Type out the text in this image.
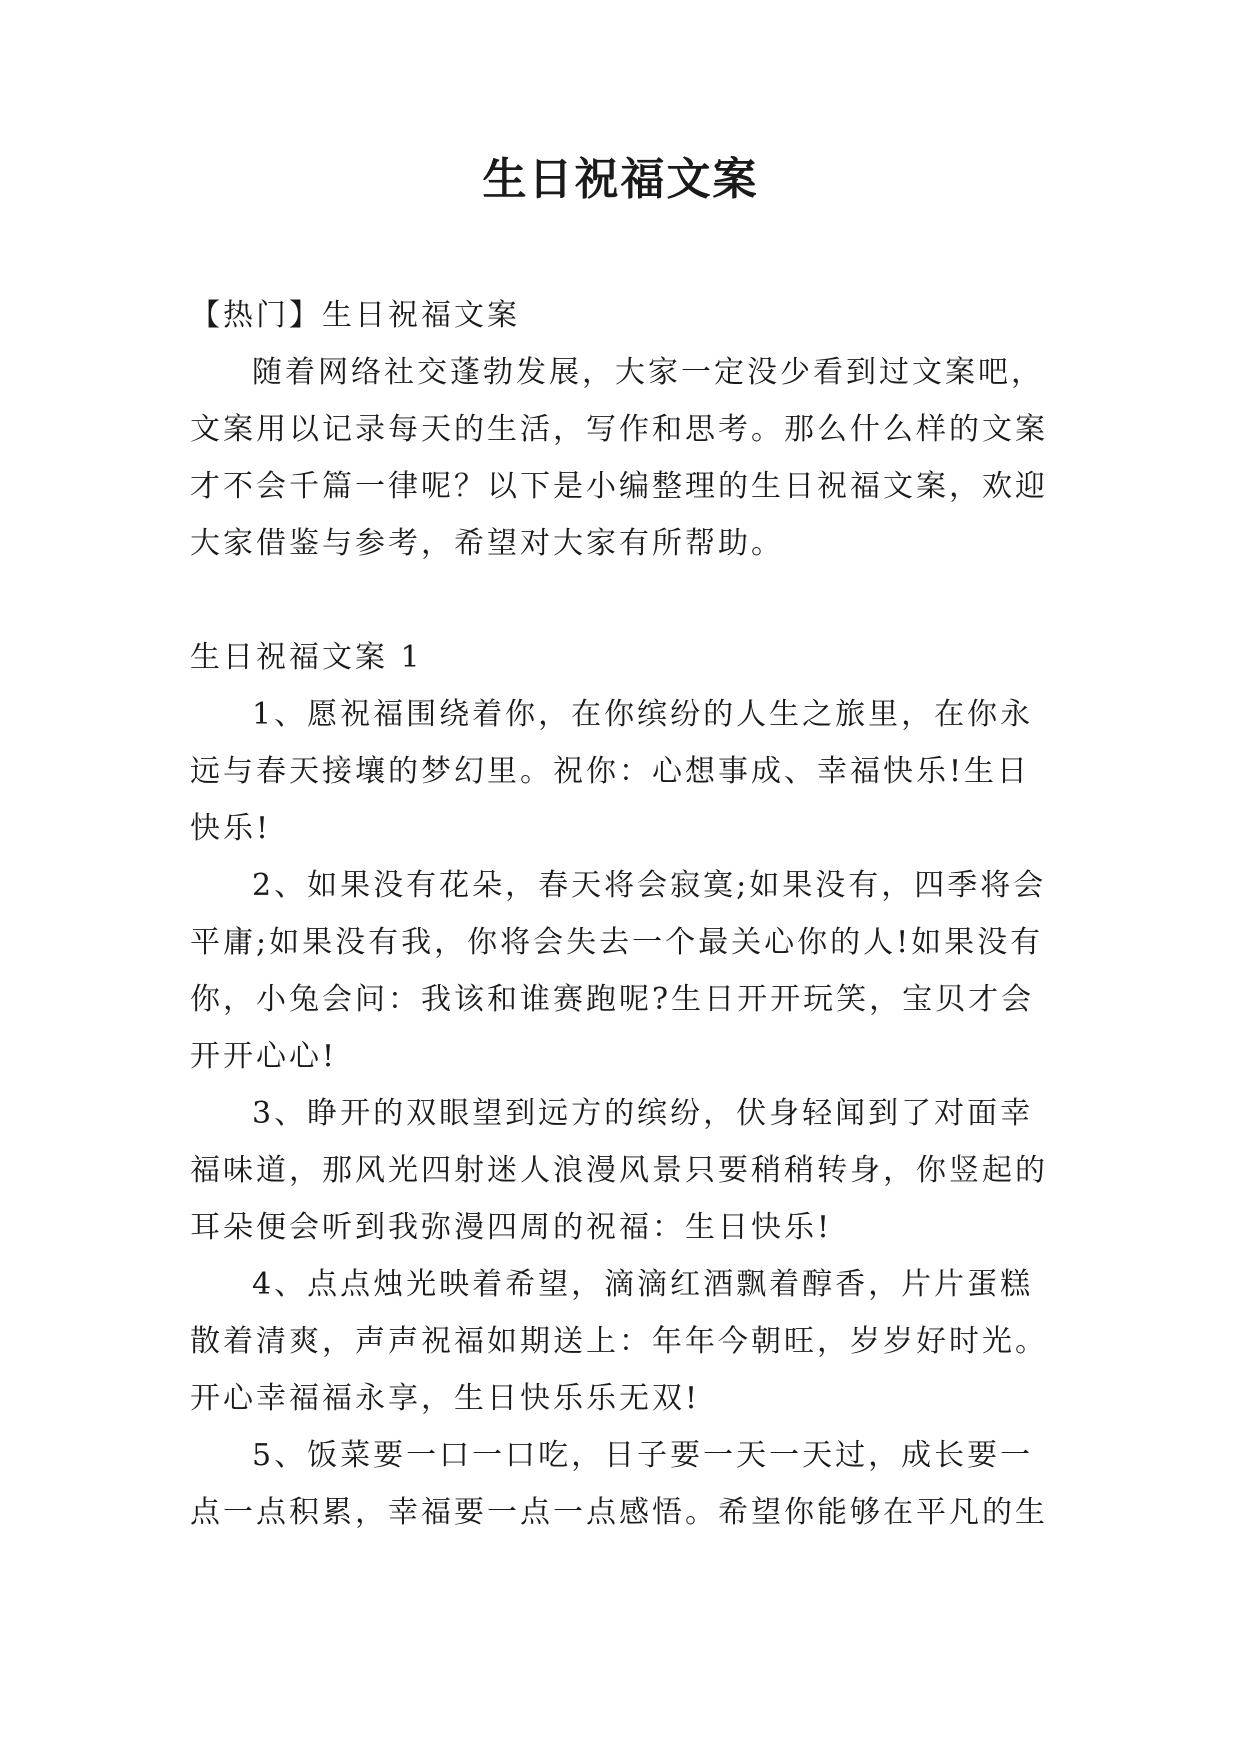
生日祝福文案

【热门】生日祝福文案

随着网络社交蓬勃发展，大家一定没少看到过文案吧，

文案用以记录每天的生活，写作和思考。那么什么样的文案

才不会千篇一律呢？以下是小编整理的生日祝福文案，欢迎

大家借鉴与参考，希望对大家有所帮助。

生日祝福文案 1

1、愿祝福围绕着你，在你缤纷的人生之旅里，在你永

远与春天接壤的梦幻里。祝你：心想事成、幸福快乐!生日

快乐!

2、如果没有花朵，春天将会寂寞;如果没有，四季将会

平庸;如果没有我，你将会失去一个最关心你的人!如果没有

你，小兔会问：我该和谁赛跑呢?生日开开玩笑，宝贝才会

开开心心!

3、睁开的双眼望到远方的缤纷，伏身轻闻到了对面幸

福味道，那风光四射迷人浪漫风景只要稍稍转身，你竖起的

耳朵便会听到我弥漫四周的祝福：生日快乐!

4、点点烛光映着希望，滴滴红酒飘着醇香，片片蛋糕

散着清爽，声声祝福如期送上：年年今朝旺，岁岁好时光。

开心幸福福永享，生日快乐乐无双!

5、饭菜要一口一口吃，日子要一天一天过，成长要一

点一点积累，幸福要一点一点感悟。希望你能够在平凡的生
